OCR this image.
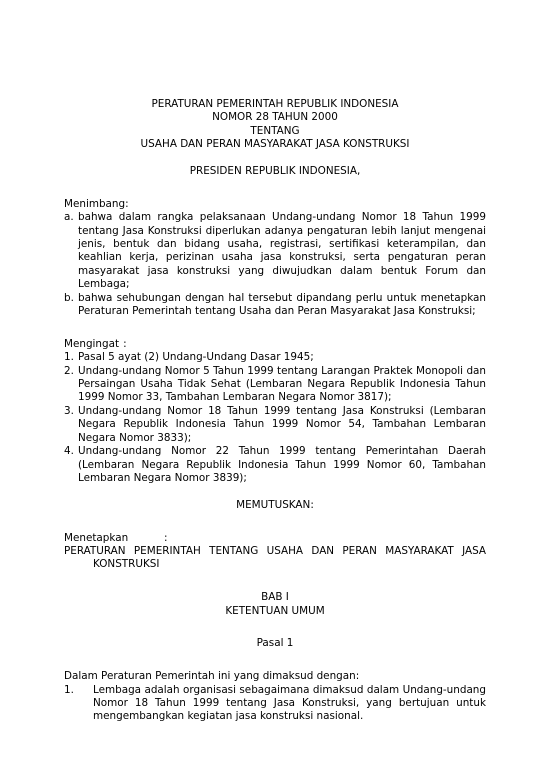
PERATURAN PEMERINTAH REPUBLIK INDONESIA
NOMOR 28 TAHUN 2000
TENTANG
USAHA DAN PERAN MASYARAKAT JASA KONSTRUKSI
PRESIDEN REPUBLIK INDONESIA,
Menimbang :
a. bahwa dalam rangka pelaksanaan Undang-undang Nomor 18 Tahun 1999 tentang Jasa Konstruksi diperlukan adanya pengaturan lebih lanjut mengenai jenis, bentuk dan bidang usaha, registrasi, sertifikasi keterampilan, dan keahlian kerja, perizinan usaha jasa konstruksi, serta pengaturan peran masyarakat jasa konstruksi yang diwujudkan dalam bentuk Forum dan Lembaga;
b. bahwa sehubungan dengan hal tersebut dipandang perlu untuk menetapkan Peraturan Pemerintah tentang Usaha dan Peran Masyarakat Jasa Konstruksi;
Mengingat :
1. Pasal 5 ayat (2) Undang-Undang Dasar 1945;
2. Undang-undang Nomor 5 Tahun 1999 tentang Larangan Praktek Monopoli dan Persaingan Usaha Tidak Sehat (Lembaran Negara Republik Indonesia Tahun 1999 Nomor 33, Tambahan Lembaran Negara Nomor 3817);
3. Undang-undang Nomor 18 Tahun 1999 tentang Jasa Konstruksi (Lembaran Negara Republik Indonesia Tahun 1999 Nomor 54, Tambahan Lembaran Negara Nomor 3833);
4. Undang-undang Nomor 22 Tahun 1999 tentang Pemerintahan Daerah (Lembaran Negara Republik Indonesia Tahun 1999 Nomor 60, Tambahan Lembaran Negara Nomor 3839);
MEMUTUSKAN:
Menetapkan	:
PERATURAN PEMERINTAH TENTANG USAHA DAN PERAN MASYARAKAT JASA KONSTRUKSI
BAB I
KETENTUAN UMUM
Pasal 1
Dalam Peraturan Pemerintah ini yang dimaksud dengan:
1.	Lembaga adalah organisasi sebagaimana dimaksud dalam Undang-undang Nomor 18 Tahun 1999 tentang Jasa Konstruksi, yang bertujuan untuk mengembangkan kegiatan jasa konstruksi nasional.
